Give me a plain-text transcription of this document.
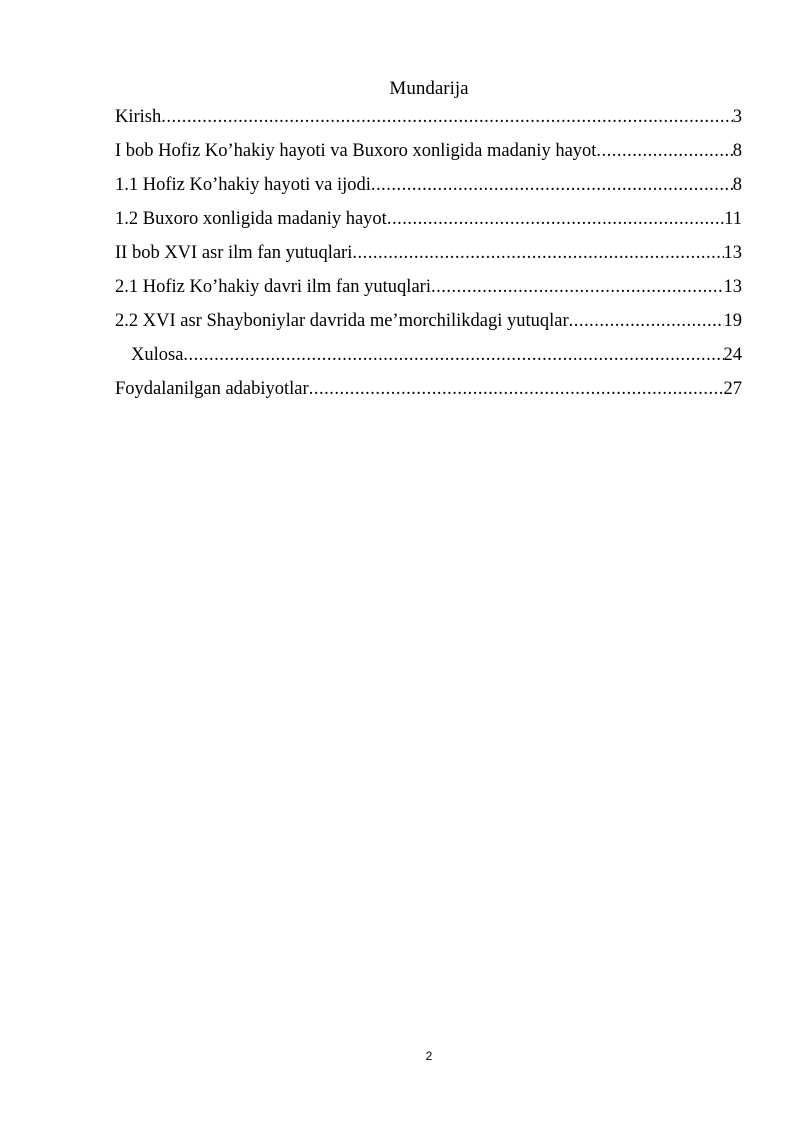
Mundarija
Kirish .....	3
I bob Hofiz Ko’hakiy hayoti va Buxoro xonligida madaniy hayot .....	8
1.1 Hofiz Ko’hakiy hayoti va ijodi .....	8
1.2 Buxoro xonligida madaniy hayot .....	11
II bob XVI asr ilm fan yutuqlari .....	13
2.1 Hofiz Ko’hakiy davri ilm fan yutuqlari .....	13
2.2 XVI asr Shayboniylar davrida me’morchilikdagi yutuqlar .....	19
Xulosa .....	24
Foydalanilgan adabiyotlar .....	27
2
